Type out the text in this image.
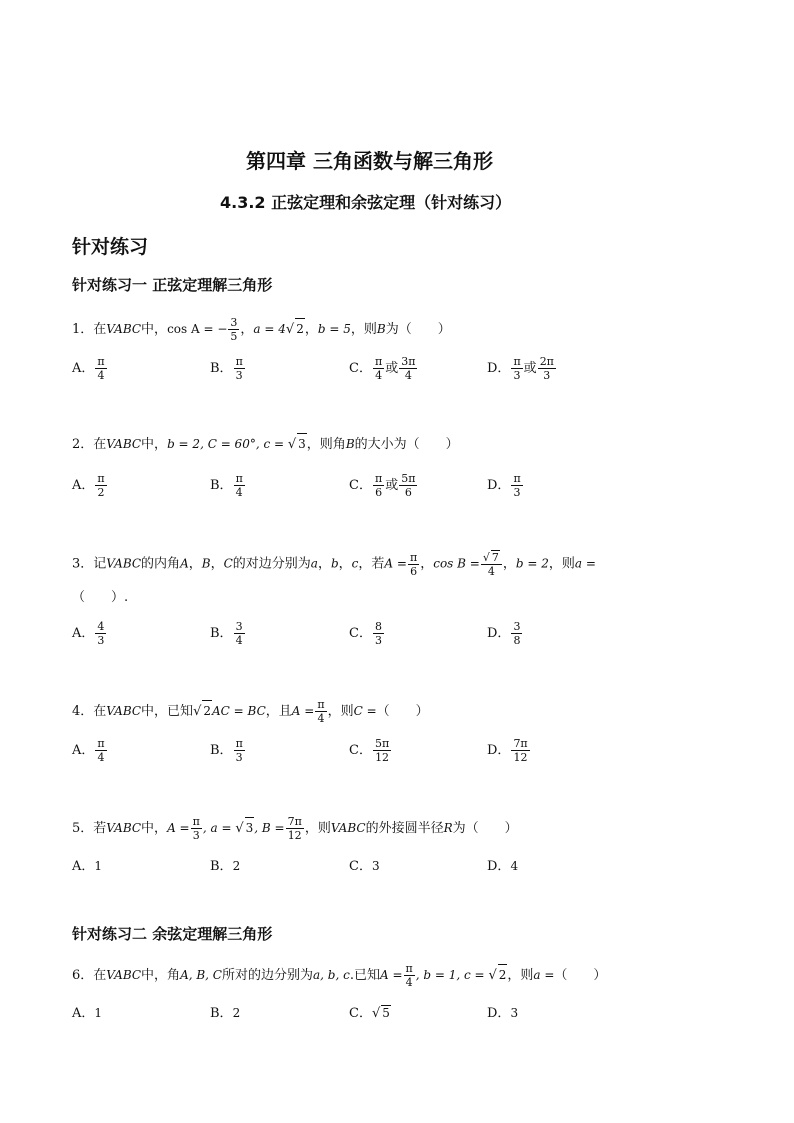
第四章 三角函数与解三角形
4.3.2 正弦定理和余弦定理（针对练习）
针对练习
针对练习一 正弦定理解三角形
1．在VABC中，cos A = − $\frac{3}{5}$ ，a = 4√ 2，b = 5，则B为（　　）
A． $\frac{\pi}{4}$	B． $\frac{\pi}{3}$	C． $\frac{\pi}{4}$ 或 $\frac{3\pi}{4}$	D． $\frac{\pi}{3}$ 或 $\frac{2\pi}{3}$
2．在VABC中，b = 2, C = 60°, c = √ 3，则角B的大小为（　　）
A． $\frac{\pi}{2}$	B． $\frac{\pi}{4}$	C． $\frac{\pi}{6}$ 或 $\frac{5\pi}{6}$	D． $\frac{\pi}{3}$
3．记VABC的内角A，B，C的对边分别为a，b，c，若$A = \frac{\pi}{6}$ ，$\cos B = \frac{√ 7}{4}$ ，b = 2，则a =
（　　）.
A． $\frac{4}{3}$	B． $\frac{3}{4}$	C． $\frac{8}{3}$	D． $\frac{3}{8}$
4．在VABC中，已知√ 2AC = BC，且$A = \frac{\pi}{4}$ ，则C =（　　）
A． $\frac{\pi}{4}$	B． $\frac{\pi}{3}$	C． $\frac{5\pi}{12}$	D． $\frac{7\pi}{12}$
5．若VABC中，$A = \frac{\pi}{3}$ , a = √ 3, $B = \frac{7\pi}{12}$ ，则VABC的外接圆半径R为（　　）
A．1	B．2	C．3	D．4
针对练习二 余弦定理解三角形
6．在VABC中，角A, B, C所对的边分别为a, b, c.已知$A = \frac{\pi}{4}$ , b = 1, c = √ 2，则a =（　　）
A．1	B．2	C．√ 5	D．3
